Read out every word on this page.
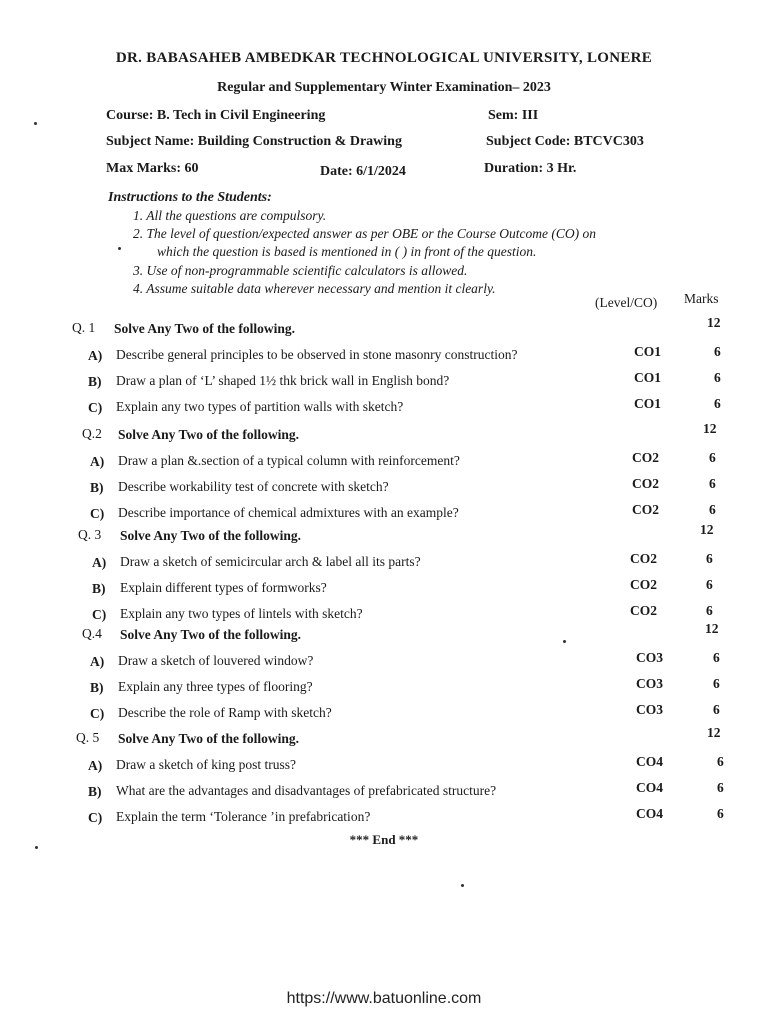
DR. BABASAHEB AMBEDKAR TECHNOLOGICAL UNIVERSITY, LONERE
Regular and Supplementary Winter Examination– 2023
Course: B. Tech in Civil Engineering	Sem: III
Subject Name: Building Construction & Drawing	Subject Code: BTCVC303
Max Marks: 60	Date: 6/1/2024	Duration: 3 Hr.
Instructions to the Students:
1. All the questions are compulsory.
2. The level of question/expected answer as per OBE or the Course Outcome (CO) on
which the question is based is mentioned in ( ) in front of the question.
3. Use of non-programmable scientific calculators is allowed.
4. Assume suitable data wherever necessary and mention it clearly.
(Level/CO) Marks
Q. 1 Solve Any Two of the following.	12
A) Describe general principles to be observed in stone masonry construction?	CO1	6
B) Draw a plan of ‘L’ shaped 1½ thk brick wall in English bond?	CO1	6
C) Explain any two types of partition walls with sketch?	CO1	6
Q.2 Solve Any Two of the following.	12
A) Draw a plan &.section of a typical column with reinforcement?	CO2	6
B) Describe workability test of concrete with sketch?	CO2	6
C) Describe importance of chemical admixtures with an example?	CO2	6
Q. 3 Solve Any Two of the following.	12
A) Draw a sketch of semicircular arch & label all its parts?	CO2	6
B) Explain different types of formworks?	CO2	6
C) Explain any two types of lintels with sketch?	CO2	6
Q.4 Solve Any Two of the following.	12
A) Draw a sketch of louvered window?	CO3	6
B) Explain any three types of flooring?	CO3	6
C) Describe the role of Ramp with sketch?	CO3	6
Q. 5 Solve Any Two of the following.	12
A) Draw a sketch of king post truss?	CO4	6
B) What are the advantages and disadvantages of prefabricated structure?	CO4	6
C) Explain the term ‘Tolerance ’in prefabrication?	CO4	6
*** End ***
https://www.batuonline.com
